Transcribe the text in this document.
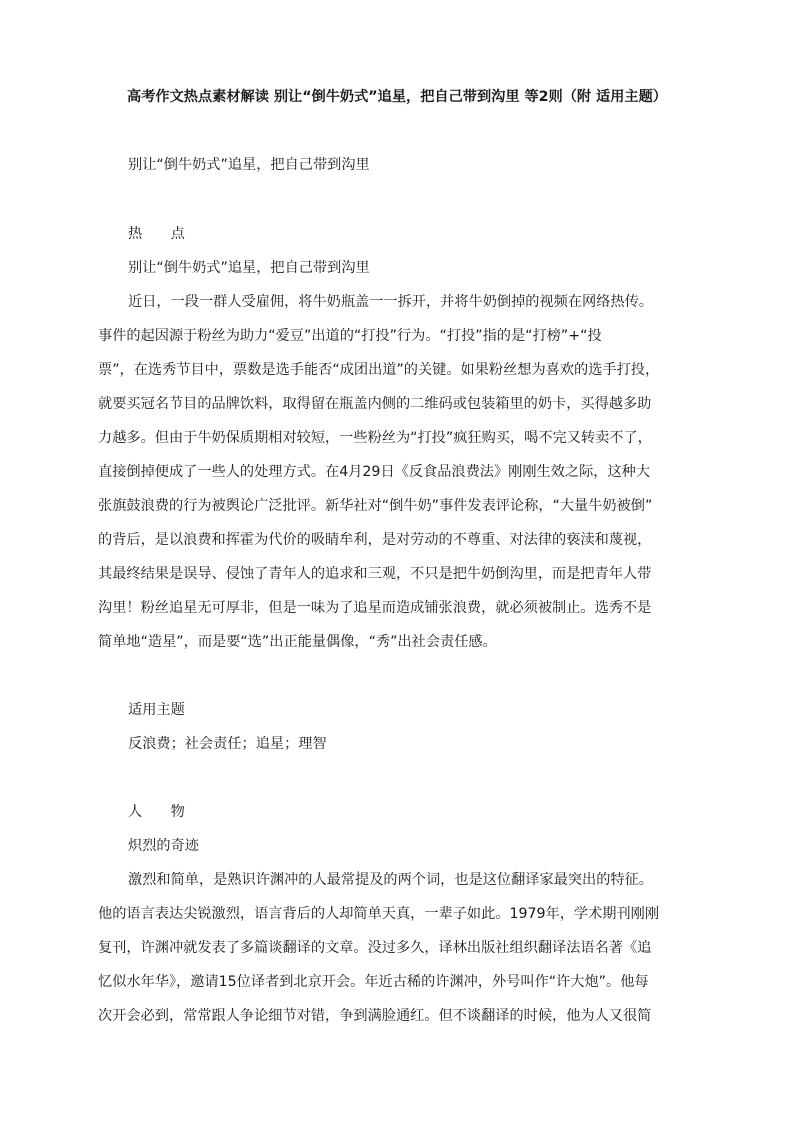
高考作文热点素材解读 别让“倒牛奶式”追星，把自己带到沟里 等2则（附 适用主题）
别让“倒牛奶式”追星，把自己带到沟里
热　　点
别让“倒牛奶式”追星，把自己带到沟里
近日，一段一群人受雇佣，将牛奶瓶盖一一拆开，并将牛奶倒掉的视频在网络热传。
事件的起因源于粉丝为助力“爱豆”出道的“打投”行为。“打投”指的是“打榜”+“投
票”，在选秀节目中，票数是选手能否“成团出道”的关键。如果粉丝想为喜欢的选手打投，
就要买冠名节目的品牌饮料，取得留在瓶盖内侧的二维码或包装箱里的奶卡，买得越多助
力越多。但由于牛奶保质期相对较短，一些粉丝为“打投”疯狂购买，喝不完又转卖不了，
直接倒掉便成了一些人的处理方式。在4月29日《反食品浪费法》刚刚生效之际，这种大
张旗鼓浪费的行为被舆论广泛批评。新华社对“倒牛奶”事件发表评论称，“大量牛奶被倒”
的背后，是以浪费和挥霍为代价的吸睛牟利，是对劳动的不尊重、对法律的亵渎和蔑视，
其最终结果是误导、侵蚀了青年人的追求和三观，不只是把牛奶倒沟里，而是把青年人带
沟里！粉丝追星无可厚非，但是一味为了追星而造成铺张浪费，就必须被制止。选秀不是
简单地“造星”，而是要“选”出正能量偶像，“秀”出社会责任感。
适用主题
反浪费；社会责任；追星；理智
人　　物
炽烈的奇迹
激烈和简单，是熟识许渊冲的人最常提及的两个词，也是这位翻译家最突出的特征。
他的语言表达尖锐激烈，语言背后的人却简单天真，一辈子如此。1979年，学术期刊刚刚
复刊，许渊冲就发表了多篇谈翻译的文章。没过多久，译林出版社组织翻译法语名著《追
忆似水年华》，邀请15位译者到北京开会。年近古稀的许渊冲，外号叫作“许大炮”。他每
次开会必到，常常跟人争论细节对错，争到满脸通红。但不谈翻译的时候，他为人又很简
